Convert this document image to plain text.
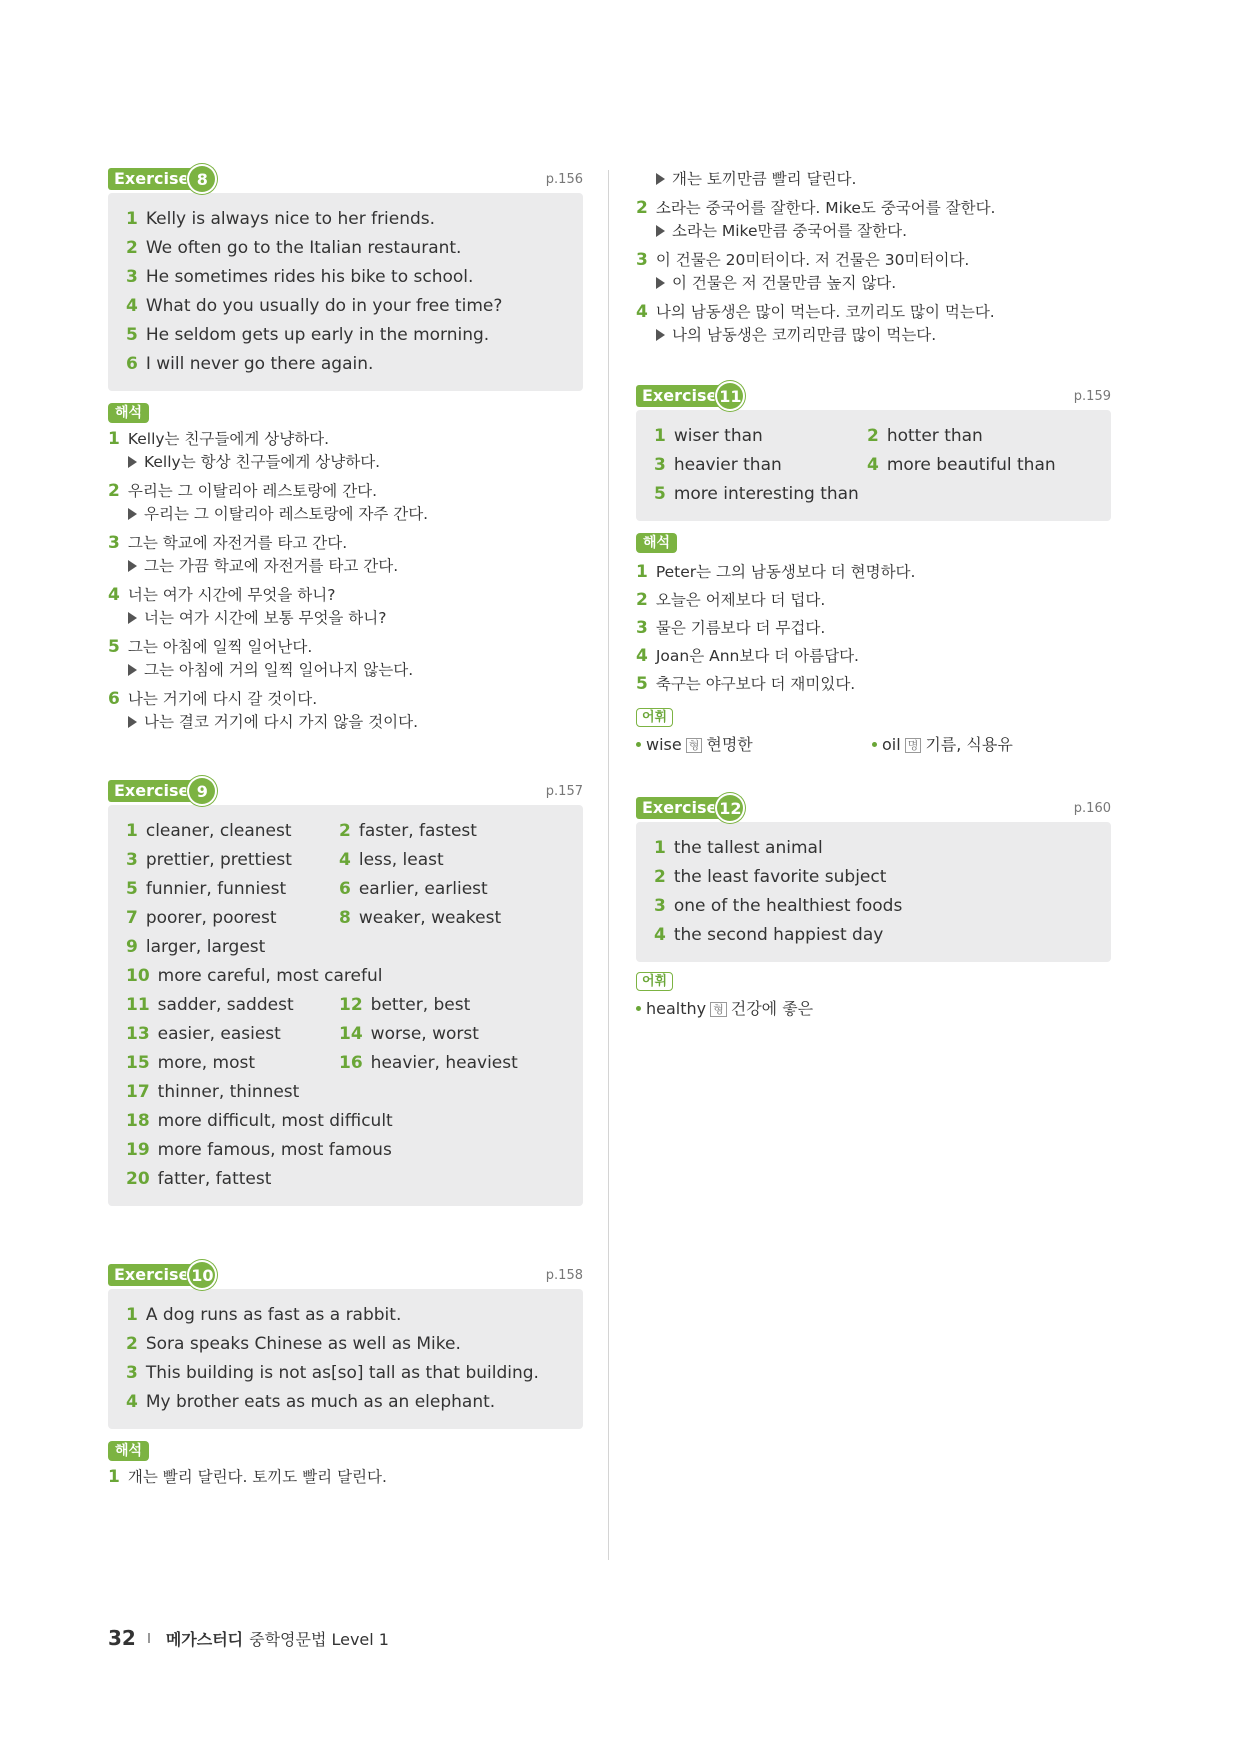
Exercise 8	p.156
1 Kelly is always nice to her friends.
2 We often go to the Italian restaurant.
3 He sometimes rides his bike to school.
4 What do you usually do in your free time?
5 He seldom gets up early in the morning.
6 I will never go there again.
해석
1 Kelly는 친구들에게 상냥하다.
Kelly는 항상 친구들에게 상냥하다.
2 우리는 그 이탈리아 레스토랑에 간다.
우리는 그 이탈리아 레스토랑에 자주 간다.
3 그는 학교에 자전거를 타고 간다.
그는 가끔 학교에 자전거를 타고 간다.
4 너는 여가 시간에 무엇을 하니?
너는 여가 시간에 보통 무엇을 하니?
5 그는 아침에 일찍 일어난다.
그는 아침에 거의 일찍 일어나지 않는다.
6 나는 거기에 다시 갈 것이다.
나는 결코 거기에 다시 가지 않을 것이다.
Exercise 9	p.157
1 cleaner, cleanest	2 faster, fastest
3 prettier, prettiest	4 less, least
5 funnier, funniest	6 earlier, earliest
7 poorer, poorest	8 weaker, weakest
9 larger, largest
10 more careful, most careful
11 sadder, saddest	12 better, best
13 easier, easiest	14 worse, worst
15 more, most	16 heavier, heaviest
17 thinner, thinnest
18 more difficult, most difficult
19 more famous, most famous
20 fatter, fattest
Exercise 10	p.158
1 A dog runs as fast as a rabbit.
2 Sora speaks Chinese as well as Mike.
3 This building is not as[so] tall as that building.
4 My brother eats as much as an elephant.
해석
1 개는 빨리 달린다. 토끼도 빨리 달린다.
개는 토끼만큼 빨리 달린다.
2 소라는 중국어를 잘한다. Mike도 중국어를 잘한다.
소라는 Mike만큼 중국어를 잘한다.
3 이 건물은 20미터이다. 저 건물은 30미터이다.
이 건물은 저 건물만큼 높지 않다.
4 나의 남동생은 많이 먹는다. 코끼리도 많이 먹는다.
나의 남동생은 코끼리만큼 많이 먹는다.
Exercise 11	p.159
1 wiser than	2 hotter than
3 heavier than	4 more beautiful than
5 more interesting than
해석
1 Peter는 그의 남동생보다 더 현명하다.
2 오늘은 어제보다 더 덥다.
3 물은 기름보다 더 무겁다.
4 Joan은 Ann보다 더 아름답다.
5 축구는 야구보다 더 재미있다.
어휘
wise 형 현명한	oil 명 기름, 식용유
Exercise 12	p.160
1 the tallest animal
2 the least favorite subject
3 one of the healthiest foods
4 the second happiest day
어휘
healthy 형 건강에 좋은
32 메가스터디 중학영문법 Level 1
